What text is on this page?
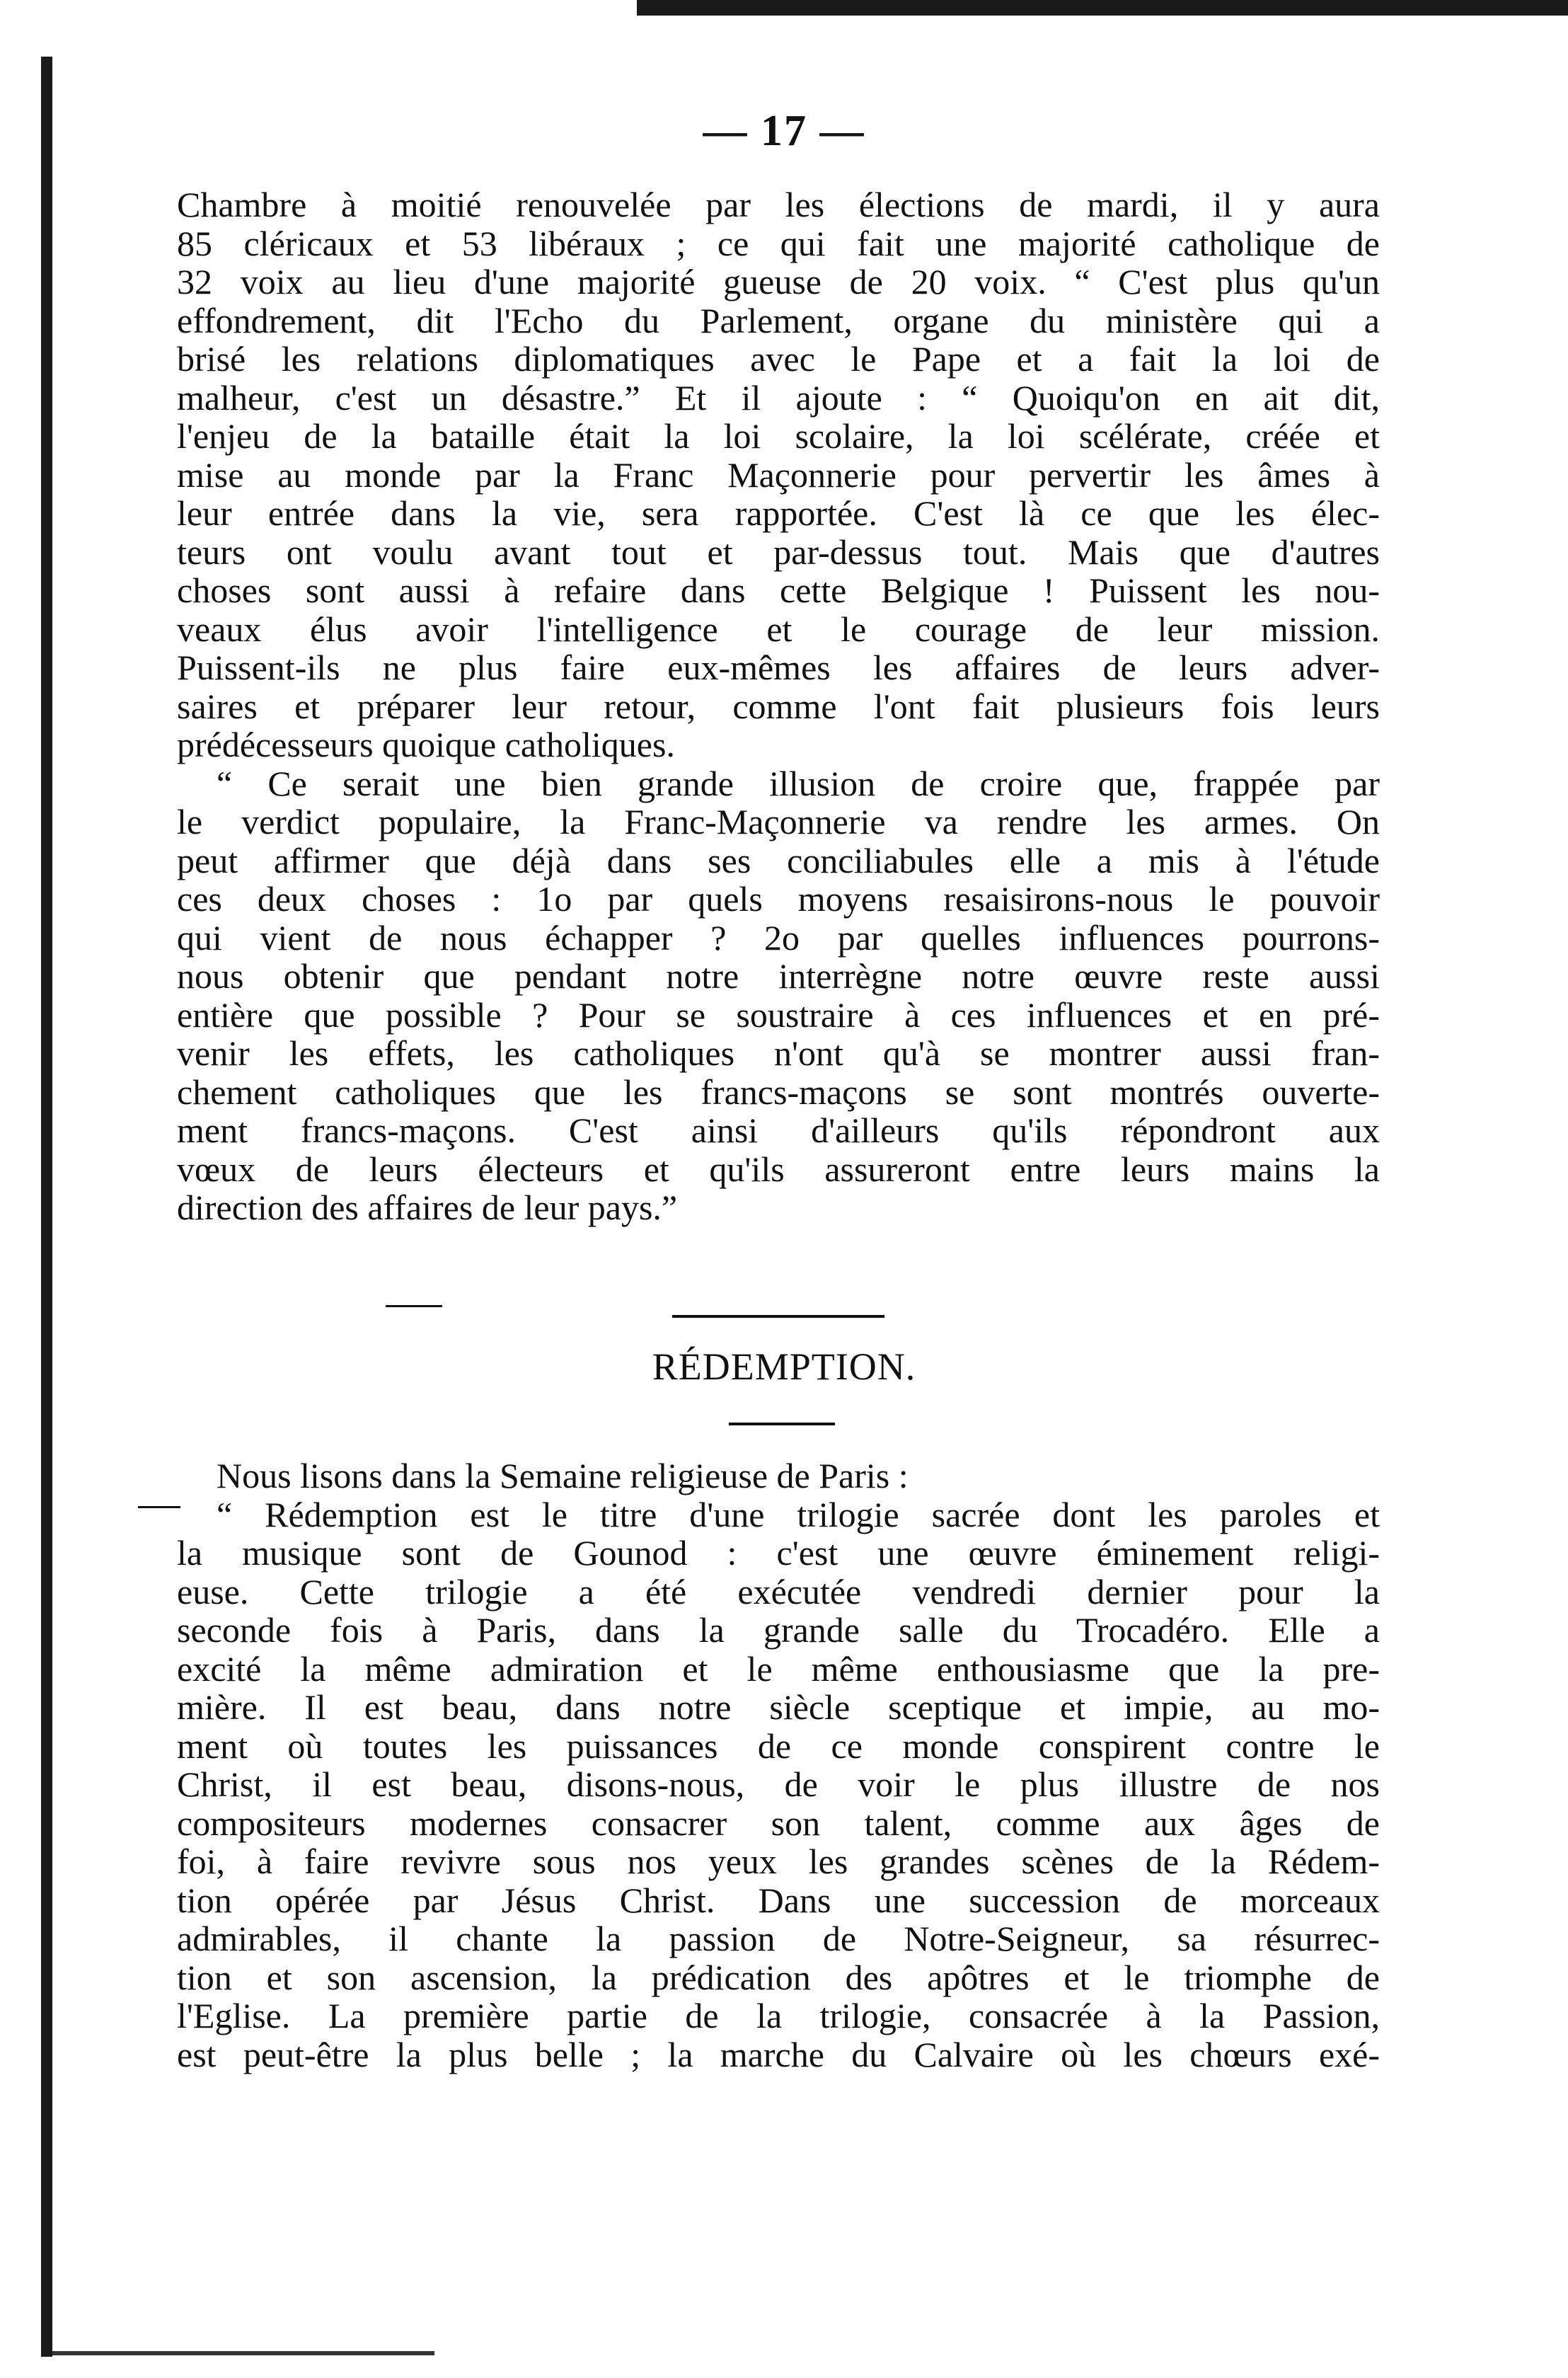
— 17 —
Chambre à moitié renouvelée par les élections de mardi, il y aura
85 cléricaux et 53 libéraux ; ce qui fait une majorité catholique de
32 voix au lieu d'une majorité gueuse de 20 voix. “ C'est plus qu'un
effondrement, dit l'Echo du Parlement, organe du ministère qui a
brisé les relations diplomatiques avec le Pape et a fait la loi de
malheur, c'est un désastre.” Et il ajoute : “ Quoiqu'on en ait dit,
l'enjeu de la bataille était la loi scolaire, la loi scélérate, créée et
mise au monde par la Franc Maçonnerie pour pervertir les âmes à
leur entrée dans la vie, sera rapportée. C'est là ce que les élec-
teurs ont voulu avant tout et par-dessus tout. Mais que d'autres
choses sont aussi à refaire dans cette Belgique ! Puissent les nou-
veaux élus avoir l'intelligence et le courage de leur mission.
Puissent-ils ne plus faire eux-mêmes les affaires de leurs adver-
saires et préparer leur retour, comme l'ont fait plusieurs fois leurs
prédécesseurs quoique catholiques.
“ Ce serait une bien grande illusion de croire que, frappée par
le verdict populaire, la Franc-Maçonnerie va rendre les armes. On
peut affirmer que déjà dans ses conciliabules elle a mis à l'étude
ces deux choses : 1o par quels moyens resaisirons-nous le pouvoir
qui vient de nous échapper ? 2o par quelles influences pourrons-
nous obtenir que pendant notre interrègne notre œuvre reste aussi
entière que possible ? Pour se soustraire à ces influences et en pré-
venir les effets, les catholiques n'ont qu'à se montrer aussi fran-
chement catholiques que les francs-maçons se sont montrés ouverte-
ment francs-maçons. C'est ainsi d'ailleurs qu'ils répondront aux
vœux de leurs électeurs et qu'ils assureront entre leurs mains la
direction des affaires de leur pays.”
RÉDEMPTION.
Nous lisons dans la Semaine religieuse de Paris :
“ Rédemption est le titre d'une trilogie sacrée dont les paroles et
la musique sont de Gounod : c'est une œuvre éminement religi-
euse. Cette trilogie a été exécutée vendredi dernier pour la
seconde fois à Paris, dans la grande salle du Trocadéro. Elle a
excité la même admiration et le même enthousiasme que la pre-
mière. Il est beau, dans notre siècle sceptique et impie, au mo-
ment où toutes les puissances de ce monde conspirent contre le
Christ, il est beau, disons-nous, de voir le plus illustre de nos
compositeurs modernes consacrer son talent, comme aux âges de
foi, à faire revivre sous nos yeux les grandes scènes de la Rédem-
tion opérée par Jésus Christ. Dans une succession de morceaux
admirables, il chante la passion de Notre-Seigneur, sa résurrec-
tion et son ascension, la prédication des apôtres et le triomphe de
l'Eglise. La première partie de la trilogie, consacrée à la Passion,
est peut-être la plus belle ; la marche du Calvaire où les chœurs exé-
